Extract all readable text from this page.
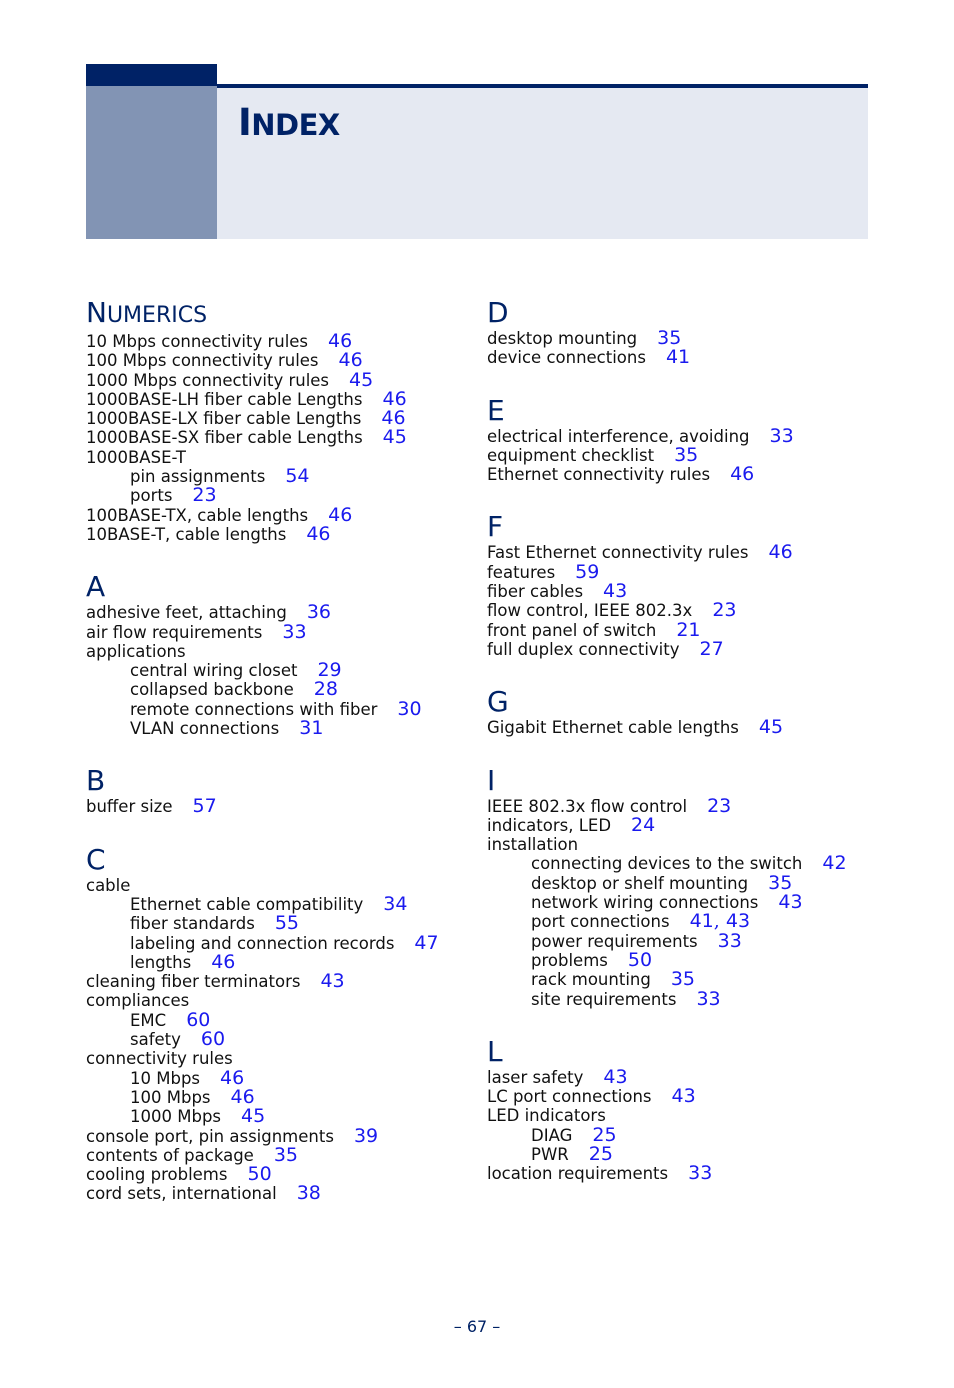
INDEX
NUMERICS
10 Mbps connectivity rules 46
100 Mbps connectivity rules 46
1000 Mbps connectivity rules 45
1000BASE-LH fiber cable Lengths 46
1000BASE-LX fiber cable Lengths 46
1000BASE-SX fiber cable Lengths 45
1000BASE-T
pin assignments 54
ports 23
100BASE-TX, cable lengths 46
10BASE-T, cable lengths 46
A
adhesive feet, attaching 36
air flow requirements 33
applications
central wiring closet 29
collapsed backbone 28
remote connections with fiber 30
VLAN connections 31
B
buffer size 57
C
cable
Ethernet cable compatibility 34
fiber standards 55
labeling and connection records 47
lengths 46
cleaning fiber terminators 43
compliances
EMC 60
safety 60
connectivity rules
10 Mbps 46
100 Mbps 46
1000 Mbps 45
console port, pin assignments 39
contents of package 35
cooling problems 50
cord sets, international 38
D
desktop mounting 35
device connections 41
E
electrical interference, avoiding 33
equipment checklist 35
Ethernet connectivity rules 46
F
Fast Ethernet connectivity rules 46
features 59
fiber cables 43
flow control, IEEE 802.3x 23
front panel of switch 21
full duplex connectivity 27
G
Gigabit Ethernet cable lengths 45
I
IEEE 802.3x flow control 23
indicators, LED 24
installation
connecting devices to the switch 42
desktop or shelf mounting 35
network wiring connections 43
port connections 41, 43
power requirements 33
problems 50
rack mounting 35
site requirements 33
L
laser safety 43
LC port connections 43
LED indicators
DIAG 25
PWR 25
location requirements 33
– 67 –
